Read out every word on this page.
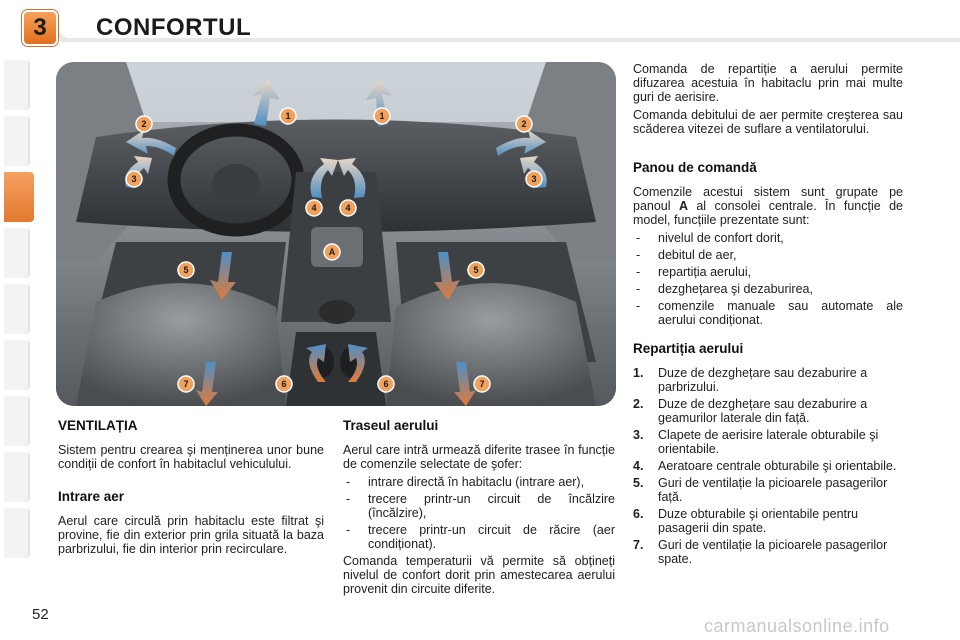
3 CONFORTUL
1	1
2	2
3	3
4	4
A
5	5
6	6
7	7
VENTILAȚIA

Sistem pentru crearea şi menținerea unor bune condiții de confort în habitaclul vehiculului.

Intrare aer

Aerul care circulă prin habitaclu este filtrat şi provine, fie din exterior prin grila situată la baza parbrizului, fie din interior prin recirculare.

Traseul aerului

Aerul care intră urmează diferite trasee în funcție de comenzile selectate de şofer:

- intrare directă în habitaclu (intrare aer),
- trecere printr-un circuit de încălzire (încălzire),
- trecere printr-un circuit de răcire (aer condiționat).

Comanda temperaturii vă permite să obțineți nivelul de confort dorit prin amestecarea aerului provenit din circuite diferite.

Comanda de repartiție a aerului permite difuzarea acestuia în habitaclu prin mai multe guri de aerisire.

Comanda debitului de aer permite creşterea sau scăderea vitezei de suflare a ventilatorului.

Panou de comandă

Comenzile acestui sistem sunt grupate pe panoul A al consolei centrale. În funcție de model, funcțiile prezentate sunt:

- nivelul de confort dorit,
- debitul de aer,
- repartiția aerului,
- dezghețarea şi dezaburirea,
- comenzile manuale sau automate ale aerului condiționat.
Repartiția aerului
1. Duze de dezghețare sau dezaburire a parbrizului.
2. Duze de dezghețare sau dezaburire a geamurilor laterale din față.
3. Clapete de aerisire laterale obturabile şi orientabile.
4. Aeratoare centrale obturabile şi orientabile.
5. Guri de ventilație la picioarele pasagerilor față.
6. Duze obturabile şi orientabile pentru pasagerii din spate.
7. Guri de ventilație la picioarele pasagerilor spate.
52
carmanualsonline.info
